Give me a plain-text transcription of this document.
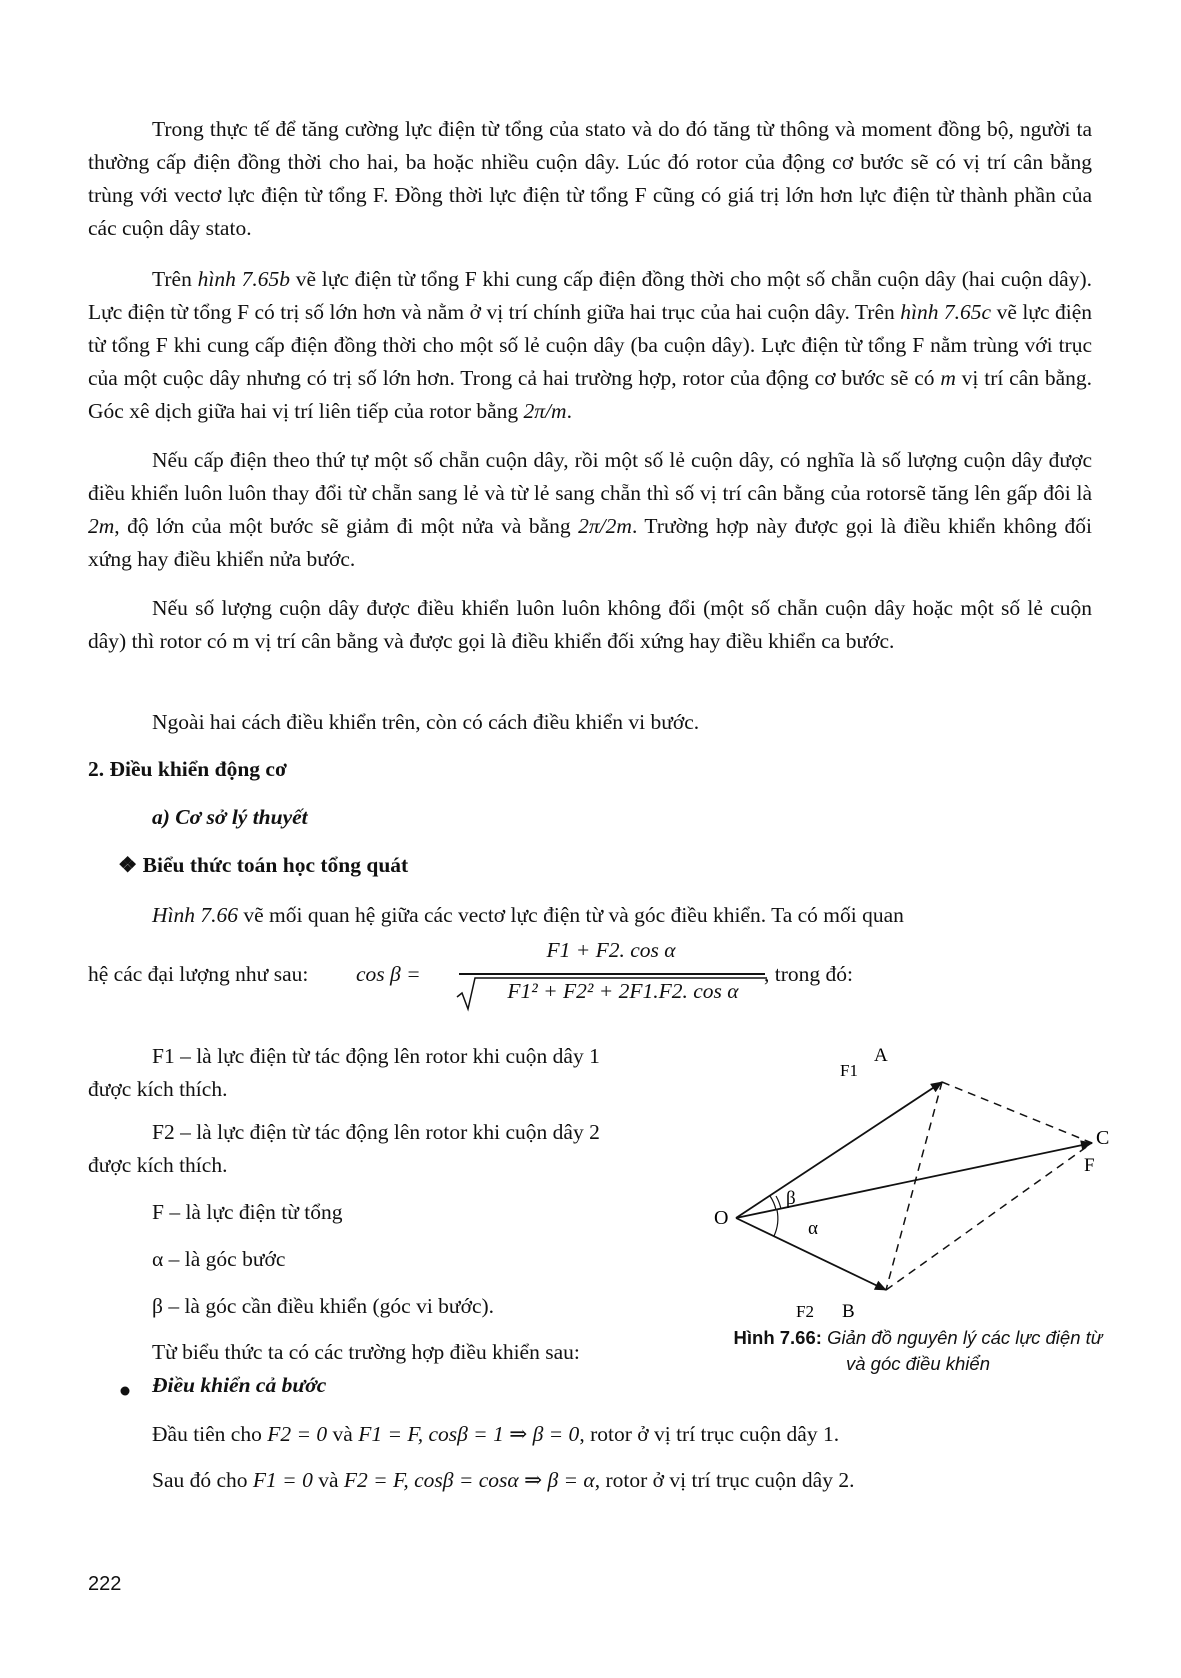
Trong thực tế để tăng cường lực điện từ tổng của stato và do đó tăng từ thông và moment đồng bộ, người ta thường cấp điện đồng thời cho hai, ba hoặc nhiều cuộn dây. Lúc đó rotor của động cơ bước sẽ có vị trí cân bằng trùng với vectơ lực điện từ tổng F. Đồng thời lực điện từ tổng F cũng có giá trị lớn hơn lực điện từ thành phần của các cuộn dây stato.

Trên hình 7.65b vẽ lực điện từ tổng F khi cung cấp điện đồng thời cho một số chẵn cuộn dây (hai cuộn dây). Lực điện từ tổng F có trị số lớn hơn và nằm ở vị trí chính giữa hai trục của hai cuộn dây. Trên hình 7.65c vẽ lực điện từ tổng F khi cung cấp điện đồng thời cho một số lẻ cuộn dây (ba cuộn dây). Lực điện từ tổng F nằm trùng với trục của một cuộc dây nhưng có trị số lớn hơn. Trong cả hai trường hợp, rotor của động cơ bước sẽ có m vị trí cân bằng. Góc xê dịch giữa hai vị trí liên tiếp của rotor bằng 2π/m.

Nếu cấp điện theo thứ tự một số chẵn cuộn dây, rồi một số lẻ cuộn dây, có nghĩa là số lượng cuộn dây được điều khiển luôn luôn thay đổi từ chẵn sang lẻ và từ lẻ sang chẵn thì số vị trí cân bằng của rotorsẽ tăng lên gấp đôi là 2m, độ lớn của một bước sẽ giảm đi một nửa và bằng 2π/2m. Trường hợp này được gọi là điều khiển không đối xứng hay điều khiển nửa bước.

Nếu số lượng cuộn dây được điều khiển luôn luôn không đổi (một số chẵn cuộn dây hoặc một số lẻ cuộn dây) thì rotor có m vị trí cân bằng và được gọi là điều khiển đối xứng hay điều khiển ca bước.

Ngoài hai cách điều khiển trên, còn có cách điều khiển vi bước.

2. Điều khiển động cơ

a) Cơ sở lý thuyết

❖ Biểu thức toán học tổng quát

Hình 7.66 vẽ mối quan hệ giữa các vectơ lực điện từ và góc điều khiển. Ta có mối quan

hệ các đại lượng như sau: cos β =
F1 + F2. cos α
F1² + F2² + 2F1.F2. cos α
, trong đó:

F1 – là lực điện từ tác động lên rotor khi cuộn dây 1

được kích thích.

F2 – là lực điện từ tác động lên rotor khi cuộn dây 2

được kích thích.

F – là lực điện từ tổng

α – là góc bước

β – là góc cần điều khiển (góc vi bước).

Từ biểu thức ta có các trường hợp điều khiển sau:

O
A
F1
B
F2
C
F
β
α
Hình 7.66: Giản đồ nguyên lý các lực điện từ và góc điều khiển

Điều khiển cả bước

Đầu tiên cho F2 = 0 và F1 = F, cosβ = 1 ⇒ β = 0, rotor ở vị trí trục cuộn dây 1.

Sau đó cho F1 = 0 và F2 = F, cosβ = cosα ⇒ β = α, rotor ở vị trí trục cuộn dây 2.

222
